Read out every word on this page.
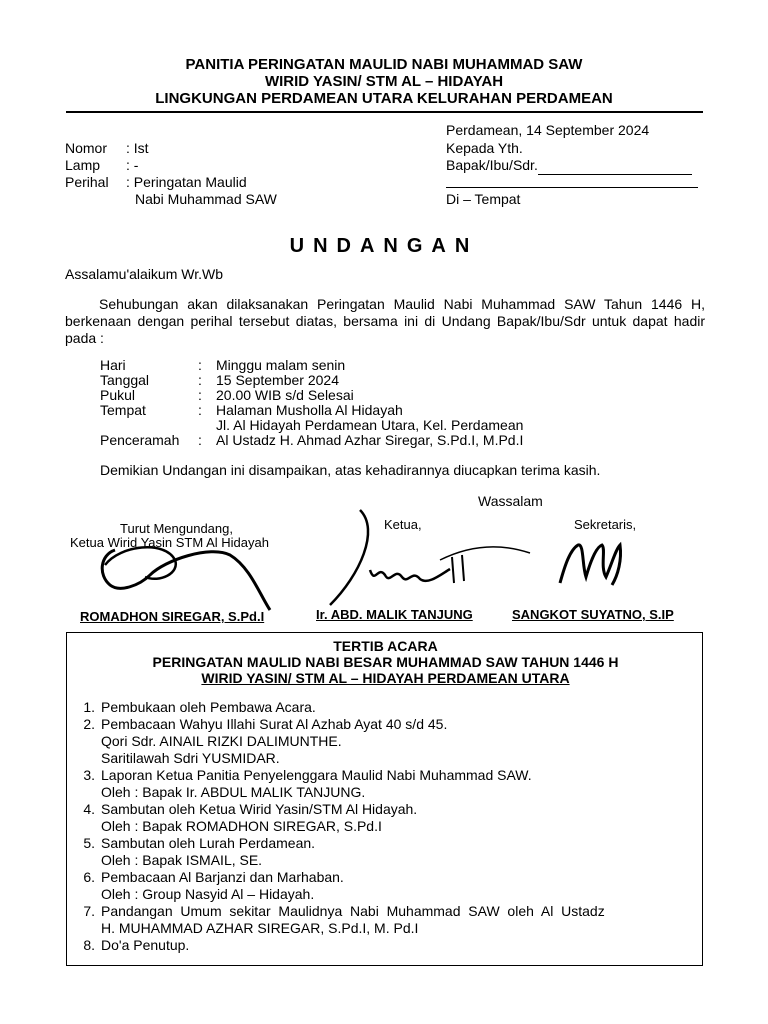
PANITIA PERINGATAN MAULID NABI MUHAMMAD SAW
WIRID YASIN/ STM AL – HIDAYAH
LINGKUNGAN PERDAMEAN UTARA KELURAHAN PERDAMEAN
Nomor : Ist
Lamp : -
Perihal : Peringatan Maulid
Nabi Muhammad SAW
Perdamean, 14 September 2024
Kepada Yth.
Bapak/Ibu/Sdr.
Di – Tempat
UNDANGAN
Assalamu'alaikum Wr.Wb
Sehubungan akan dilaksanakan Peringatan Maulid Nabi Muhammad SAW Tahun 1446 H, berkenaan dengan perihal tersebut diatas, bersama ini di Undang Bapak/Ibu/Sdr untuk dapat hadir pada :
Hari	: Minggu malam senin
Tanggal	: 15 September 2024
Pukul	: 20.00 WIB s/d Selesai
Tempat	: Halaman Musholla Al Hidayah
Jl. Al Hidayah Perdamean Utara, Kel. Perdamean
Penceramah : Al Ustadz H. Ahmad Azhar Siregar, S.Pd.I, M.Pd.I
Demikian Undangan ini disampaikan, atas kehadirannya diucapkan terima kasih.
Wassalam
Turut Mengundang,
Ketua Wirid Yasin STM Al Hidayah
Ketua,	Sekretaris,
ROMADHON SIREGAR, S.Pd.I	Ir. ABD. MALIK TANJUNG	SANGKOT SUYATNO, S.IP
TERTIB ACARA
PERINGATAN MAULID NABI BESAR MUHAMMAD SAW TAHUN 1446 H
WIRID YASIN/ STM AL – HIDAYAH PERDAMEAN UTARA
1. Pembukaan oleh Pembawa Acara.
2. Pembacaan Wahyu Illahi Surat Al Azhab Ayat 40 s/d 45.
Qori Sdr. AINAIL RIZKI DALIMUNTHE.
Saritilawah Sdri YUSMIDAR.
3. Laporan Ketua Panitia Penyelenggara Maulid Nabi Muhammad SAW.
Oleh : Bapak Ir. ABDUL MALIK TANJUNG.
4. Sambutan oleh Ketua Wirid Yasin/STM Al Hidayah.
Oleh : Bapak ROMADHON SIREGAR, S.Pd.I
5. Sambutan oleh Lurah Perdamean.
Oleh : Bapak ISMAIL, SE.
6. Pembacaan Al Barjanzi dan Marhaban.
Oleh : Group Nasyid Al – Hidayah.
7. Pandangan  Umum  sekitar  Maulidnya  Nabi  Muhammad  SAW  oleh  Al  Ustadz
H. MUHAMMAD AZHAR SIREGAR, S.Pd.I, M. Pd.I
8. Do'a Penutup.
